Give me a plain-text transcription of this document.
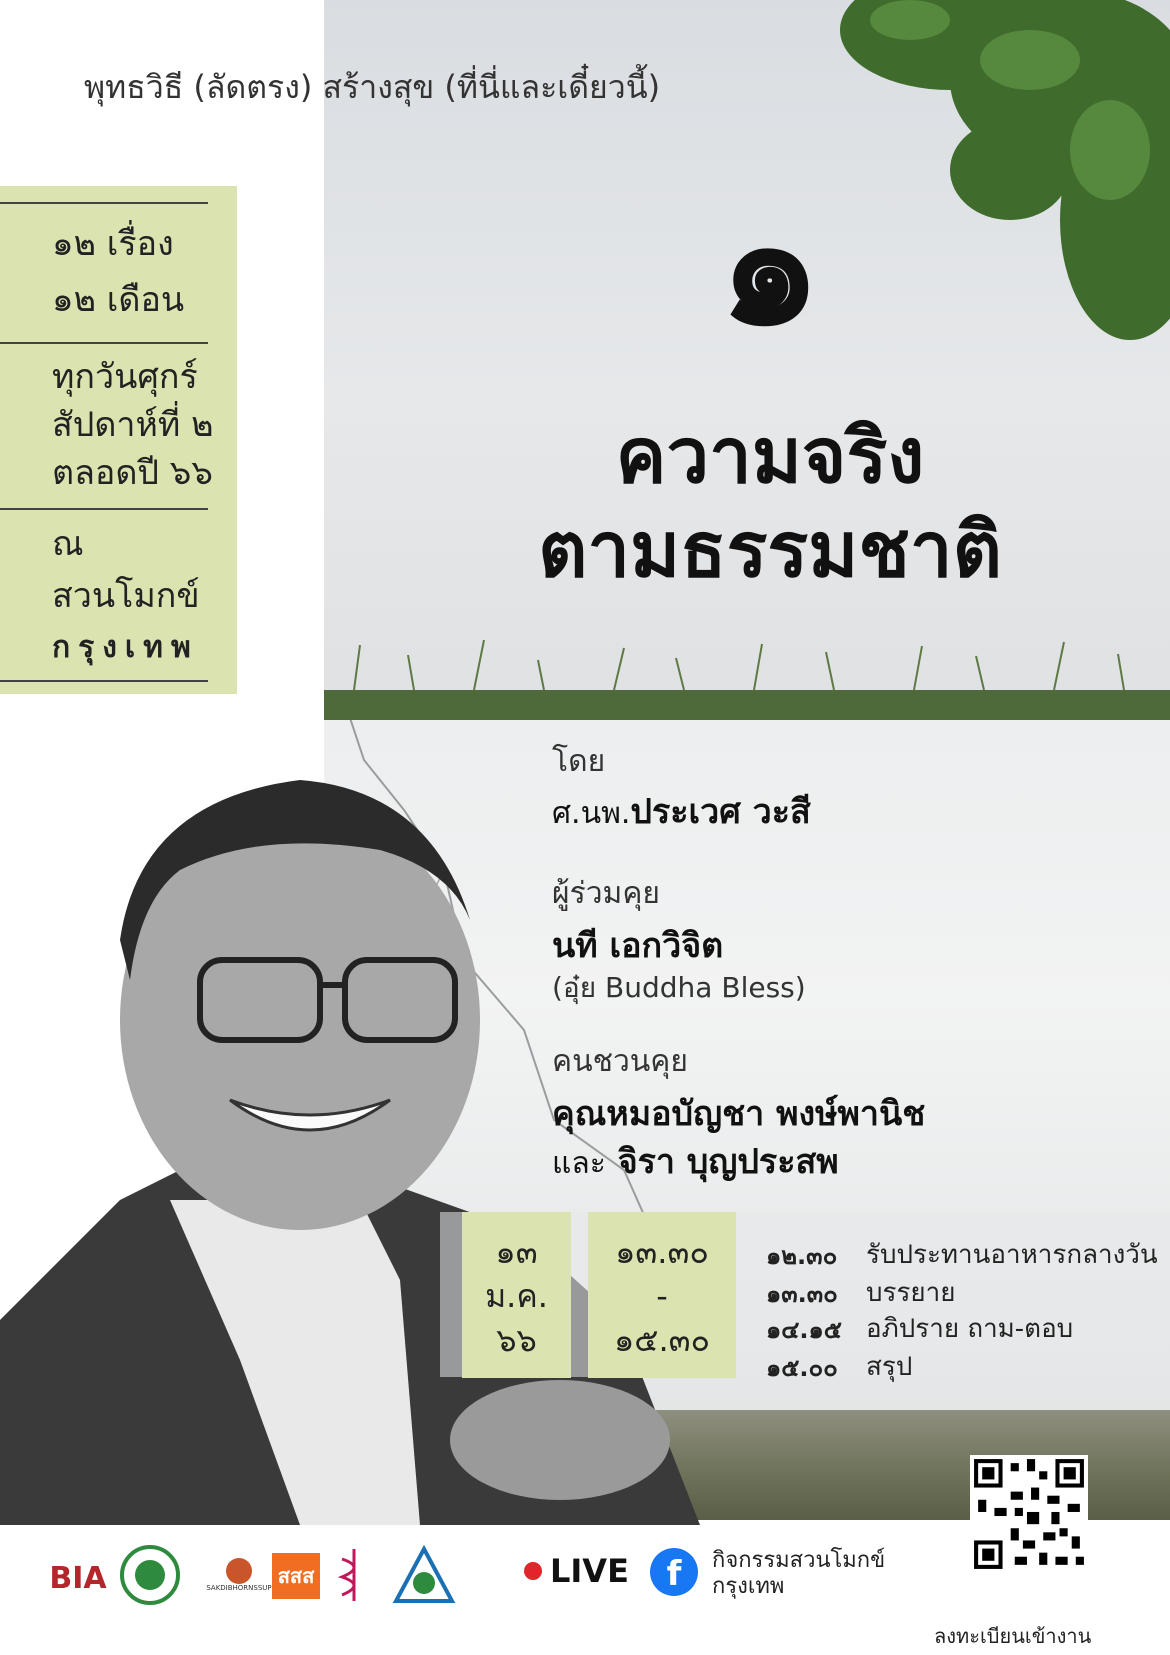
พุทธวิธี (ลัดตรง) สร้างสุข (ที่นี่และเดี๋ยวนี้)
๑๒ เรื่อง
๑๒ เดือน
ทุกวันศุกร์
สัปดาห์ที่ ๒
ตลอดปี ๖๖
ณ
สวนโมกข์
กรุงเทพ
๑
ความจริง
ตามธรรมชาติ
โดย
ศ.นพ.ประเวศ วะสี
ผู้ร่วมคุย
นที เอกวิจิต
(อุ๋ย Buddha Bless)
คนชวนคุย
คุณหมอบัญชา พงษ์พานิช
และ จิรา บุญประสพ
๑๓
ม.ค.
๖๖
๑๓.๓๐
-
๑๕.๓๐
๑๒.๓๐	รับประทานอาหารกลางวัน
๑๓.๓๐	บรรยาย
๑๔.๑๕ อภิปราย ถาม-ตอบ
๑๕.๐๐	สรุป
BIA	SAKDIBHORNSSUP สสส	LIVE	f	กิจกรรมสวนโมกข์
กรุงเทพ
ลงทะเบียนเข้างาน
